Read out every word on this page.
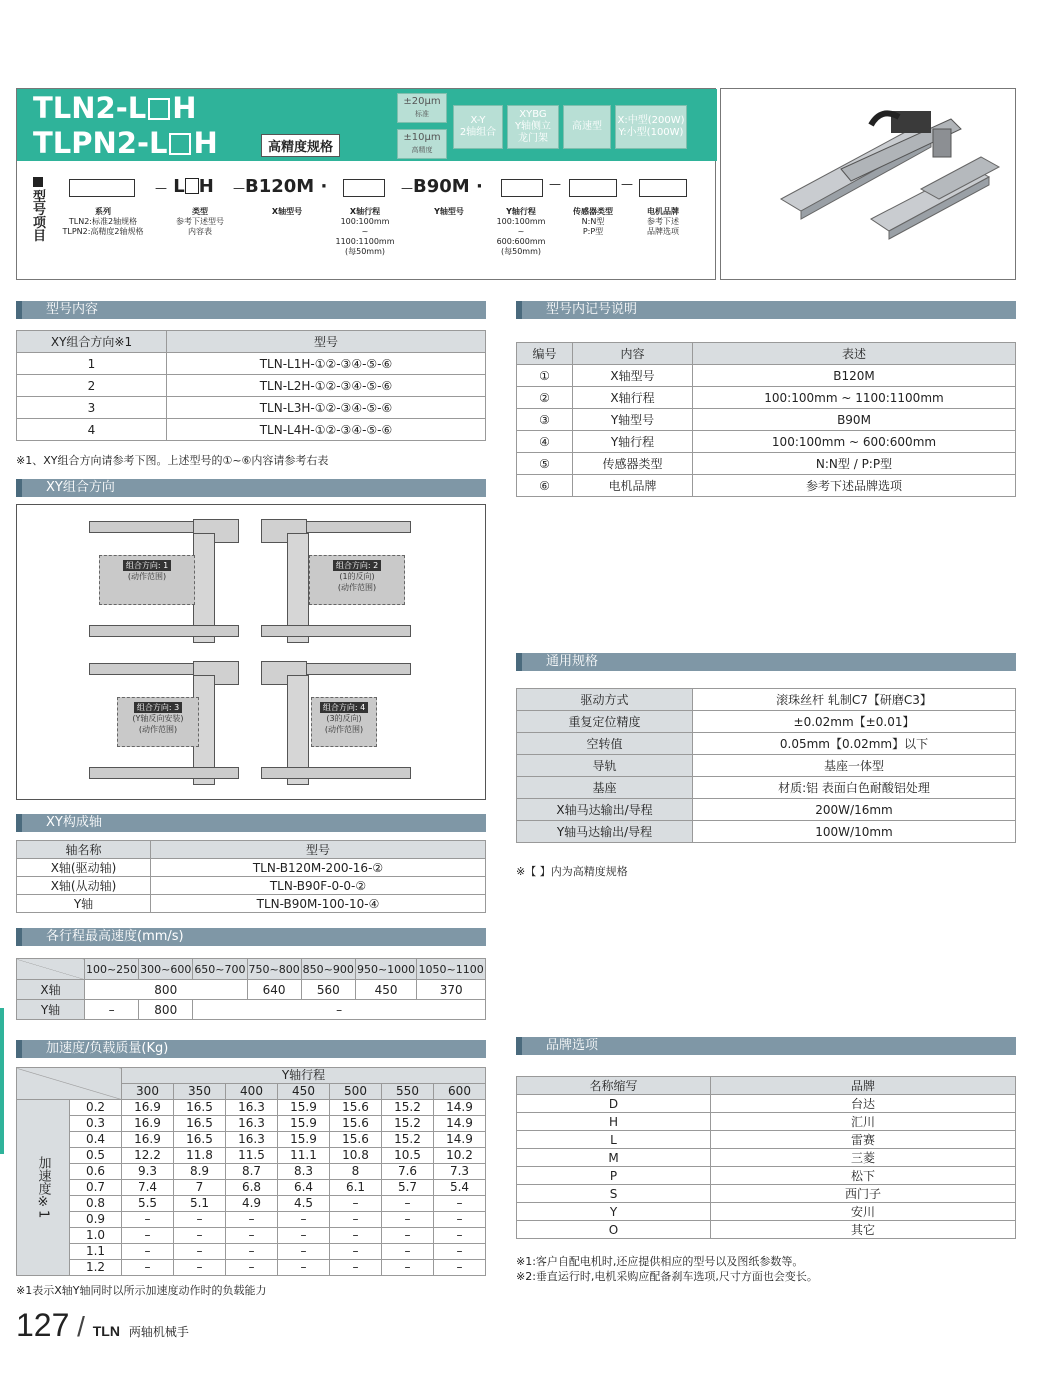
TLN2-L H
TLPN2-L H	高精度规格
±20μm
标准
±10μm
高精度
X-Y
2轴组合
XYBG
Y轴侧立
龙门架
高速型
X:中型(200W)
Y:小型(100W)
型号项目
— L H —B120M ·	—B90M ·	—	—
系列
TLN2:标准2轴规格
TLPN2:高精度2轴规格
类型
参考下述型号
内容表
X轴型号	X轴行程
100:100mm
~
1100:1100mm
(每50mm)
Y轴型号	Y轴行程
100:100mm
~
600:600mm
(每50mm)
传感器类型
N:N型
P:P型
电机品牌
参考下述
品牌选项
型号内容
XY组合方向※1	型号
1	TLN-L1H-①②-③④-⑤-⑥
2	TLN-L2H-①②-③④-⑤-⑥
3	TLN-L3H-①②-③④-⑤-⑥
4	TLN-L4H-①②-③④-⑤-⑥
※1、XY组合方向请参考下图。上述型号的①~⑥内容请参考右表
XY组合方向
组合方向: 1
(动作范围)
组合方向: 2
(1的反向)
(动作范围)
组合方向: 3
(Y轴反向安装)
(动作范围)
组合方向: 4
(3的反向)
(动作范围)
XY构成轴
轴名称	型号
X轴(驱动轴)	TLN-B120M-200-16-②
X轴(从动轴)	TLN-B90F-0-0-②
Y轴	TLN-B90M-100-10-④
各行程最高速度(mm/s)
	100~250	300~600	650~700	750~800	850~900	950~1000	1050~1100
X轴	800			640	560	450	370
Y轴	–	800	–				
加速度/负载质量(Kg)
		Y轴行程						
		300	350	400	450	500	550	600
加速度※1	0.2	16.9	16.5	16.3	15.9	15.6	15.2	14.9
	0.3	16.9	16.5	16.3	15.9	15.6	15.2	14.9
	0.4	16.9	16.5	16.3	15.9	15.6	15.2	14.9
	0.5	12.2	11.8	11.5	11.1	10.8	10.5	10.2
	0.6	9.3	8.9	8.7	8.3	8	7.6	7.3
	0.7	7.4	7	6.8	6.4	6.1	5.7	5.4
	0.8	5.5	5.1	4.9	4.5	–	–	–
	0.9	–	–	–	–	–	–	–
	1.0	–	–	–	–	–	–	–
	1.1	–	–	–	–	–	–	–
	1.2	–	–	–	–	–	–	–
※1表示X轴Y轴同时以所示加速度动作时的负载能力
型号内记号说明
编号	内容	表述
①	X轴型号	B120M
②	X轴行程	100:100mm ~ 1100:1100mm
③	Y轴型号	B90M
④	Y轴行程	100:100mm ~ 600:600mm
⑤	传感器类型	N:N型 / P:P型
⑥	电机品牌	参考下述品牌选项
通用规格
驱动方式	滚珠丝杆 轧制C7【研磨C3】
重复定位精度	±0.02mm【±0.01】
空转值	0.05mm【0.02mm】以下
导轨	基座一体型
基座	材质:铝 表面白色耐酸铝处理
X轴马达输出/导程	200W/16mm
Y轴马达输出/导程	100W/10mm
※【 】内为高精度规格
品牌选项
名称缩写	品牌
D	台达
H	汇川
L	雷赛
M	三菱
P	松下
S	西门子
Y	安川
O	其它
※1:客户自配电机时,还应提供相应的型号以及图纸参数等。
※2:垂直运行时,电机采购应配备刹车选项,尺寸方面也会变长。
127 / TLN 两轴机械手
